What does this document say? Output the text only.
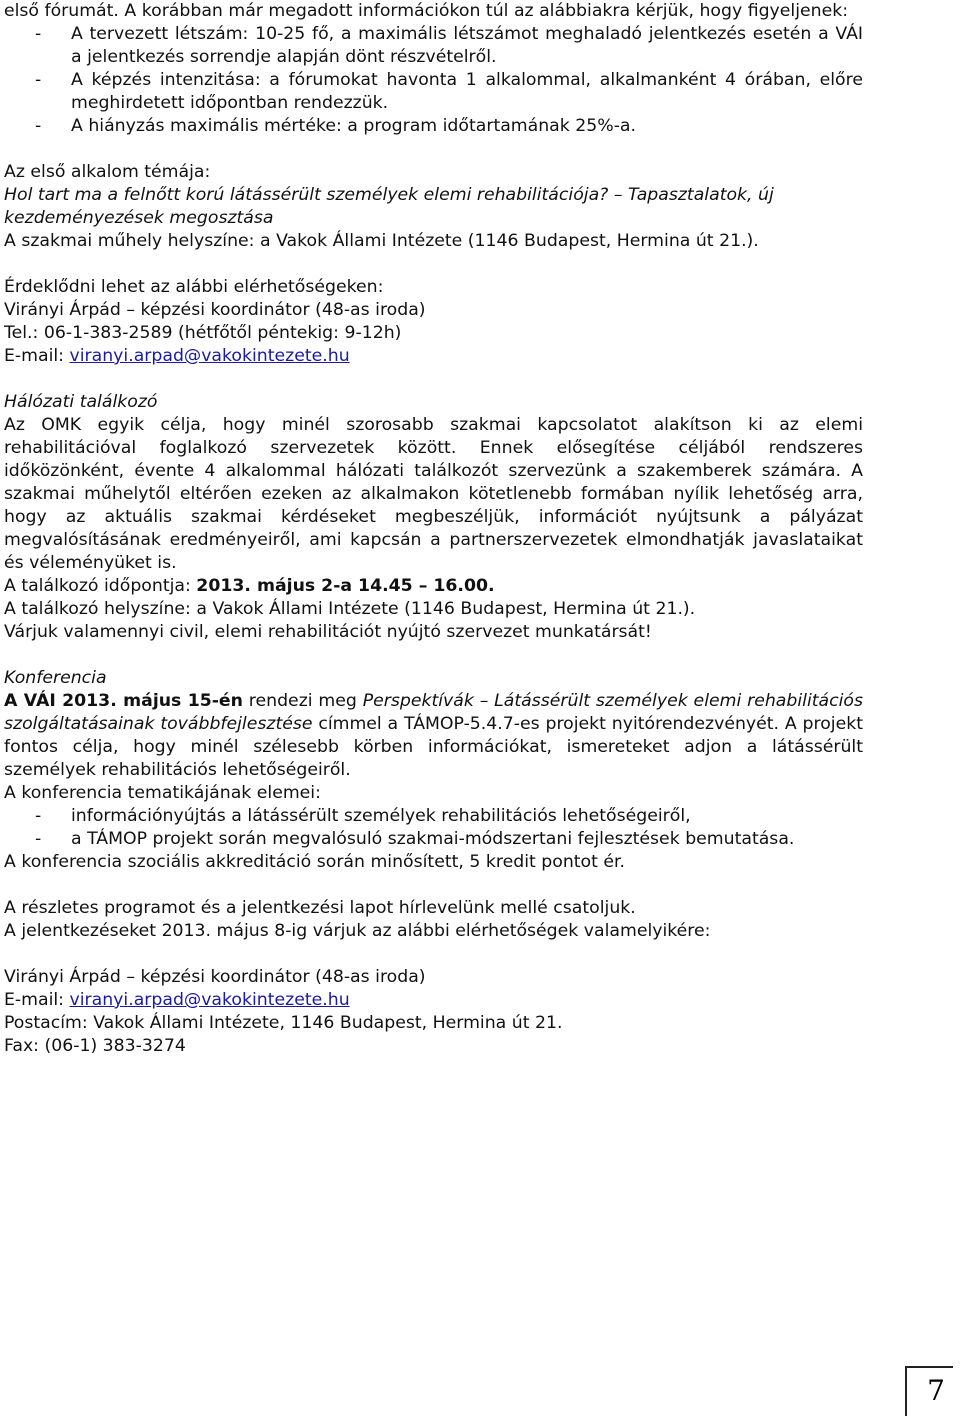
első fórumát. A korábban már megadott információkon túl az alábbiakra kérjük, hogy figyeljenek:

- A tervezett létszám: 10-25 fő, a maximális létszámot meghaladó jelentkezés esetén a VÁI a jelentkezés sorrendje alapján dönt részvételről.
- A képzés intenzitása: a fórumokat havonta 1 alkalommal, alkalmanként 4 órában, előre meghirdetett időpontban rendezzük.
- A hiányzás maximális mértéke: a program időtartamának 25%-a.

Az első alkalom témája:

Hol tart ma a felnőtt korú látássérült személyek elemi rehabilitációja? – Tapasztalatok, új kezdeményezések megosztása

A szakmai műhely helyszíne: a Vakok Állami Intézete (1146 Budapest, Hermina út 21.).

Érdeklődni lehet az alábbi elérhetőségeken:

Virányi Árpád – képzési koordinátor (48-as iroda)

Tel.: 06-1-383-2589 (hétfőtől péntekig: 9-12h)

E-mail: viranyi.arpad@vakokintezete.hu

Hálózati találkozó

Az OMK egyik célja, hogy minél szorosabb szakmai kapcsolatot alakítson ki az elemi rehabilitációval foglalkozó szervezetek között. Ennek elősegítése céljából rendszeres időközönként, évente 4 alkalommal hálózati találkozót szervezünk a szakemberek számára. A szakmai műhelytől eltérően ezeken az alkalmakon kötetlenebb formában nyílik lehetőség arra, hogy az aktuális szakmai kérdéseket megbeszéljük, információt nyújtsunk a pályázat megvalósításának eredményeiről, ami kapcsán a partnerszervezetek elmondhatják javaslataikat és véleményüket is.

A találkozó időpontja: 2013. május 2-a 14.45 – 16.00.

A találkozó helyszíne: a Vakok Állami Intézete (1146 Budapest, Hermina út 21.).

Várjuk valamennyi civil, elemi rehabilitációt nyújtó szervezet munkatársát!

Konferencia

A VÁI 2013. május 15-én rendezi meg Perspektívák – Látássérült személyek elemi rehabilitációs szolgáltatásainak továbbfejlesztése címmel a TÁMOP-5.4.7-es projekt nyitórendezvényét. A projekt fontos célja, hogy minél szélesebb körben információkat, ismereteket adjon a látássérült személyek rehabilitációs lehetőségeiről.

A konferencia tematikájának elemei:

- információnyújtás a látássérült személyek rehabilitációs lehetőségeiről,
- a TÁMOP projekt során megvalósuló szakmai-módszertani fejlesztések bemutatása.

A konferencia szociális akkreditáció során minősített, 5 kredit pontot ér.

A részletes programot és a jelentkezési lapot hírlevelünk mellé csatoljuk.

A jelentkezéseket 2013. május 8-ig várjuk az alábbi elérhetőségek valamelyikére:

Virányi Árpád – képzési koordinátor (48-as iroda)

E-mail: viranyi.arpad@vakokintezete.hu

Postacím: Vakok Állami Intézete, 1146 Budapest, Hermina út 21.

Fax: (06-1) 383-3274

7
